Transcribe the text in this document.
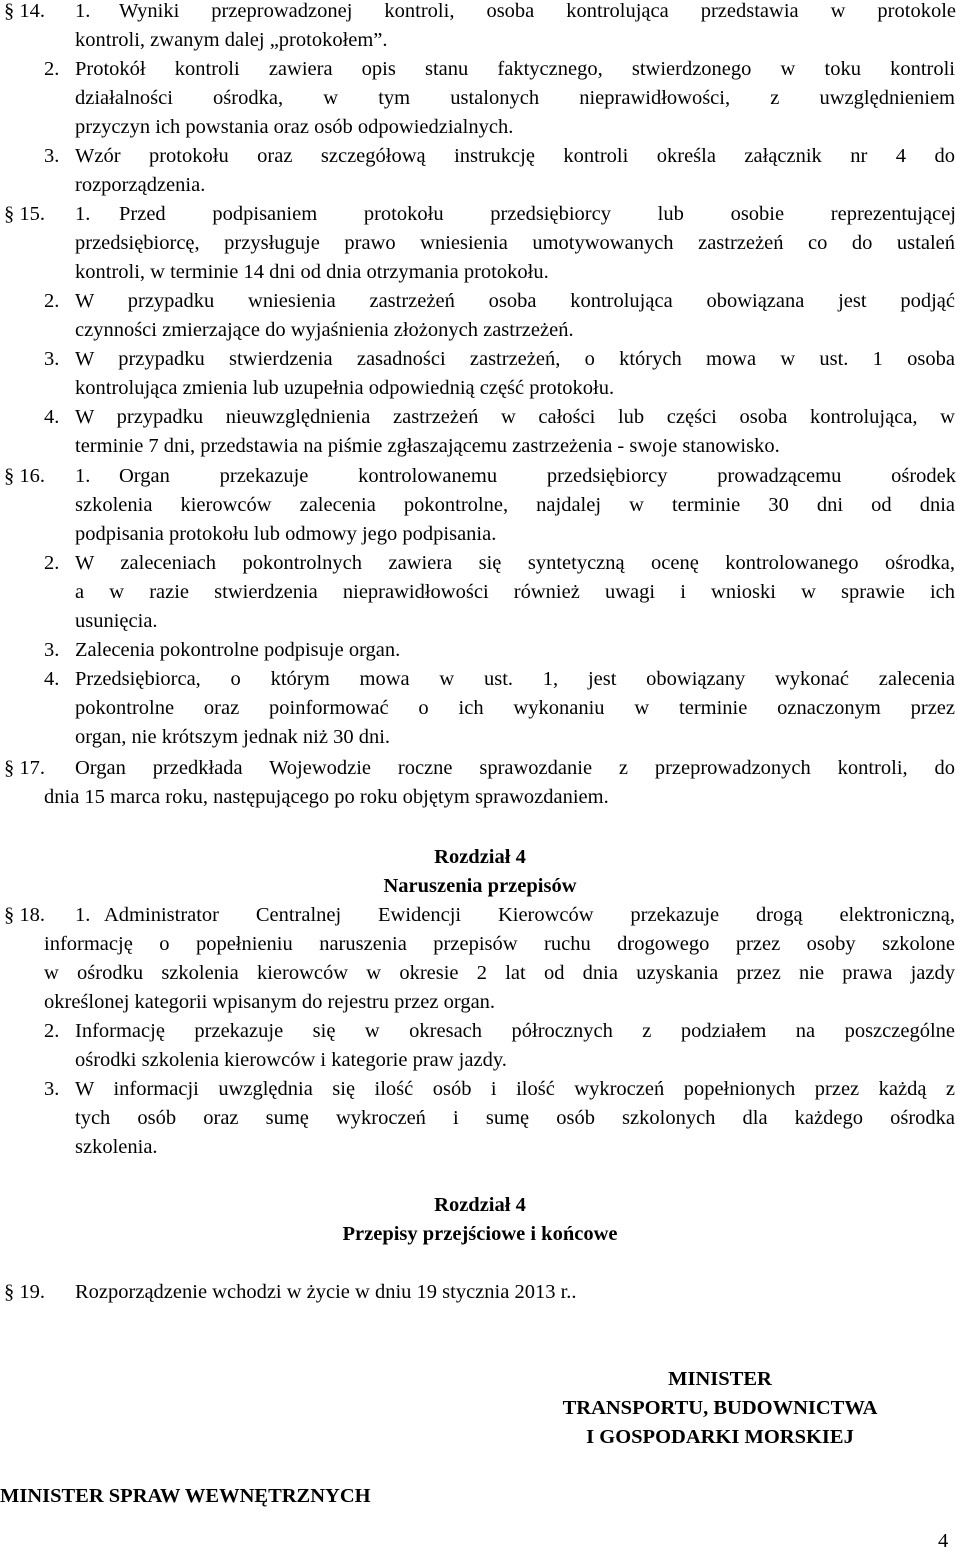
§ 14. 1. Wyniki przeprowadzonej kontroli, osoba kontrolująca przedstawia w protokole
kontroli, zwanym dalej „protokołem”.
2. Protokół kontroli zawiera opis stanu faktycznego, stwierdzonego w toku kontroli
działalności ośrodka, w tym ustalonych nieprawidłowości, z uwzględnieniem
przyczyn ich powstania oraz osób odpowiedzialnych.
3. Wzór protokołu oraz szczegółową instrukcję kontroli określa załącznik nr 4 do
rozporządzenia.
§ 15. 1. Przed podpisaniem protokołu przedsiębiorcy lub osobie reprezentującej
przedsiębiorcę, przysługuje prawo wniesienia umotywowanych zastrzeżeń co do ustaleń
kontroli, w terminie 14 dni od dnia otrzymania protokołu.
2. W przypadku wniesienia zastrzeżeń osoba kontrolująca obowiązana jest podjąć
czynności zmierzające do wyjaśnienia złożonych zastrzeżeń.
3. W przypadku stwierdzenia zasadności zastrzeżeń, o których mowa w ust. 1 osoba
kontrolująca zmienia lub uzupełnia odpowiednią część protokołu.
4. W przypadku nieuwzględnienia zastrzeżeń w całości lub części osoba kontrolująca, w
terminie 7 dni, przedstawia na piśmie zgłaszającemu zastrzeżenia - swoje stanowisko.
§ 16. 1. Organ przekazuje kontrolowanemu przedsiębiorcy prowadzącemu ośrodek
szkolenia kierowców zalecenia pokontrolne, najdalej w terminie 30 dni od dnia
podpisania protokołu lub odmowy jego podpisania.
2. W zaleceniach pokontrolnych zawiera się syntetyczną ocenę kontrolowanego ośrodka,
a w razie stwierdzenia nieprawidłowości również uwagi i wnioski w sprawie ich
usunięcia.
3. Zalecenia pokontrolne podpisuje organ.
4. Przedsiębiorca, o którym mowa w ust. 1, jest obowiązany wykonać zalecenia
pokontrolne oraz poinformować o ich wykonaniu w terminie oznaczonym przez
organ, nie krótszym jednak niż 30 dni.
§ 17. Organ przedkłada Wojewodzie roczne sprawozdanie z przeprowadzonych kontroli, do
dnia 15 marca roku, następującego po roku objętym sprawozdaniem.
Rozdział 4
Naruszenia przepisów
§ 18. 1. Administrator Centralnej Ewidencji Kierowców przekazuje drogą elektroniczną,
informację o popełnieniu naruszenia przepisów ruchu drogowego przez osoby szkolone
w ośrodku szkolenia kierowców w okresie 2 lat od dnia uzyskania przez nie prawa jazdy
określonej kategorii wpisanym do rejestru przez organ.
2. Informację przekazuje się w okresach półrocznych z podziałem na poszczególne
ośrodki szkolenia kierowców i kategorie praw jazdy.
3. W informacji uwzględnia się ilość osób i ilość wykroczeń popełnionych przez każdą z
tych osób oraz sumę wykroczeń i sumę osób szkolonych dla każdego ośrodka
szkolenia.
Rozdział 4
Przepisy przejściowe i końcowe
§ 19. Rozporządzenie wchodzi w życie w dniu 19 stycznia 2013 r..
MINISTER
TRANSPORTU, BUDOWNICTWA
I GOSPODARKI MORSKIEJ
MINISTER SPRAW WEWNĘTRZNYCH
4
